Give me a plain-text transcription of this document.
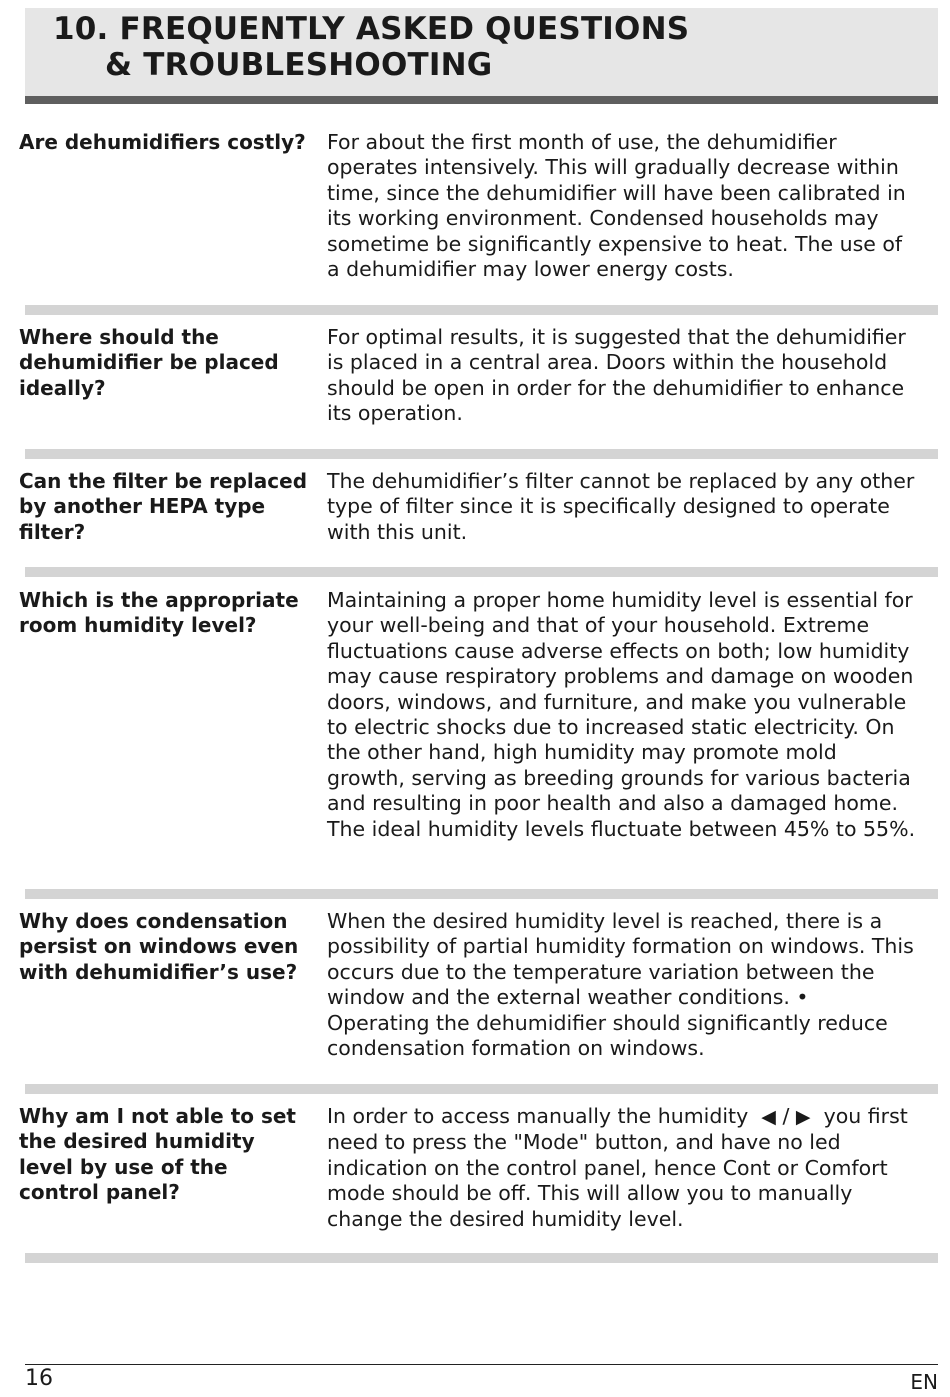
10. FREQUENTLY ASKED QUESTIONS
& TROUBLESHOOTING
Are dehumidifiers costly? For about the first month of use, the dehumidifier operates intensively. This will gradually decrease within time, since the dehumidifier will have been calibrated in its working environment. Condensed households may sometime be significantly expensive to heat. The use of a dehumidifier may lower energy costs.
Where should the dehumidifier be placed ideally?
For optimal results, it is suggested that the dehumidifier is placed in a central area. Doors within the household should be open in order for the dehumidifier to enhance its operation.
Can the filter be replaced by another HEPA type filter?
The dehumidifier’s filter cannot be replaced by any other type of filter since it is specifically designed to operate with this unit.
Which is the appropriate room humidity level?
Maintaining a proper home humidity level is essential for your well-being and that of your household. Extreme fluctuations cause adverse effects on both; low humidity may cause respiratory problems and damage on wooden doors, windows, and furniture, and make you vulnerable to electric shocks due to increased static electricity. On the other hand, high humidity may promote mold growth, serving as breeding grounds for various bacteria and resulting in poor health and also a damaged home. The ideal humidity levels fluctuate between 45% to 55%.
Why does condensation persist on windows even with dehumidifier’s use?
When the desired humidity level is reached, there is a possibility of partial humidity formation on windows. This occurs due to the temperature variation between the window and the external weather conditions. • Operating the dehumidifier should significantly reduce condensation formation on windows.
Why am I not able to set the desired humidity level by use of the control panel?
In order to access manually the humidity ◀ / ▶ you first need to press the "Mode" button, and have no led indication on the control panel, hence Cont or Comfort mode should be off. This will allow you to manually change the desired humidity level.
16	EN
